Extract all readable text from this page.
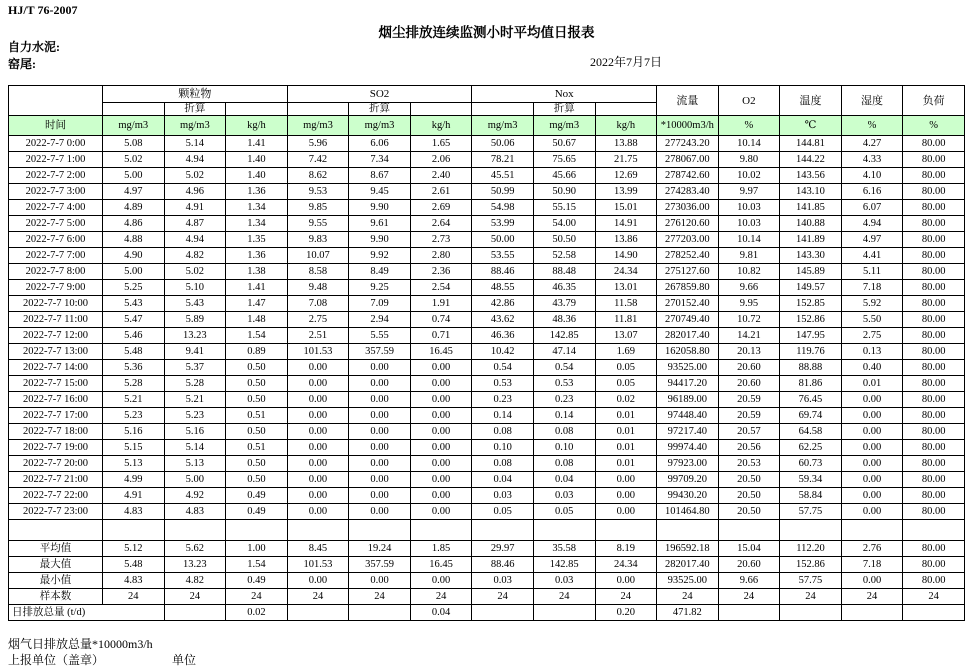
HJ/T 76-2007
烟尘排放连续监测小时平均值日报表
自力水泥:
窑尾:	2022年7月7日
	颗粒物			SO2			Nox			流量	O2	温度	湿度	负荷
		折算			折算			折算						
时间	mg/m3	mg/m3	kg/h	mg/m3	mg/m3	kg/h	mg/m3	mg/m3	kg/h	*10000m3/h	%	℃	%	%
2022-7-7 0:00	5.08	5.14	1.41	5.96	6.06	1.65	50.06	50.67	13.88	277243.20	10.14	144.81	4.27	80.00
2022-7-7 1:00	5.02	4.94	1.40	7.42	7.34	2.06	78.21	75.65	21.75	278067.00	9.80	144.22	4.33	80.00
2022-7-7 2:00	5.00	5.02	1.40	8.62	8.67	2.40	45.51	45.66	12.69	278742.60	10.02	143.56	4.10	80.00
2022-7-7 3:00	4.97	4.96	1.36	9.53	9.45	2.61	50.99	50.90	13.99	274283.40	9.97	143.10	6.16	80.00
2022-7-7 4:00	4.89	4.91	1.34	9.85	9.90	2.69	54.98	55.15	15.01	273036.00	10.03	141.85	6.07	80.00
2022-7-7 5:00	4.86	4.87	1.34	9.55	9.61	2.64	53.99	54.00	14.91	276120.60	10.03	140.88	4.94	80.00
2022-7-7 6:00	4.88	4.94	1.35	9.83	9.90	2.73	50.00	50.50	13.86	277203.00	10.14	141.89	4.97	80.00
2022-7-7 7:00	4.90	4.82	1.36	10.07	9.92	2.80	53.55	52.58	14.90	278252.40	9.81	143.30	4.41	80.00
2022-7-7 8:00	5.00	5.02	1.38	8.58	8.49	2.36	88.46	88.48	24.34	275127.60	10.82	145.89	5.11	80.00
2022-7-7 9:00	5.25	5.10	1.41	9.48	9.25	2.54	48.55	46.35	13.01	267859.80	9.66	149.57	7.18	80.00
2022-7-7 10:00	5.43	5.43	1.47	7.08	7.09	1.91	42.86	43.79	11.58	270152.40	9.95	152.85	5.92	80.00
2022-7-7 11:00	5.47	5.89	1.48	2.75	2.94	0.74	43.62	48.36	11.81	270749.40	10.72	152.86	5.50	80.00
2022-7-7 12:00	5.46	13.23	1.54	2.51	5.55	0.71	46.36	142.85	13.07	282017.40	14.21	147.95	2.75	80.00
2022-7-7 13:00	5.48	9.41	0.89	101.53	357.59	16.45	10.42	47.14	1.69	162058.80	20.13	119.76	0.13	80.00
2022-7-7 14:00	5.36	5.37	0.50	0.00	0.00	0.00	0.54	0.54	0.05	93525.00	20.60	88.88	0.40	80.00
2022-7-7 15:00	5.28	5.28	0.50	0.00	0.00	0.00	0.53	0.53	0.05	94417.20	20.60	81.86	0.01	80.00
2022-7-7 16:00	5.21	5.21	0.50	0.00	0.00	0.00	0.23	0.23	0.02	96189.00	20.59	76.45	0.00	80.00
2022-7-7 17:00	5.23	5.23	0.51	0.00	0.00	0.00	0.14	0.14	0.01	97448.40	20.59	69.74	0.00	80.00
2022-7-7 18:00	5.16	5.16	0.50	0.00	0.00	0.00	0.08	0.08	0.01	97217.40	20.57	64.58	0.00	80.00
2022-7-7 19:00	5.15	5.14	0.51	0.00	0.00	0.00	0.10	0.10	0.01	99974.40	20.56	62.25	0.00	80.00
2022-7-7 20:00	5.13	5.13	0.50	0.00	0.00	0.00	0.08	0.08	0.01	97923.00	20.53	60.73	0.00	80.00
2022-7-7 21:00	4.99	5.00	0.50	0.00	0.00	0.00	0.04	0.04	0.00	99709.20	20.50	59.34	0.00	80.00
2022-7-7 22:00	4.91	4.92	0.49	0.00	0.00	0.00	0.03	0.03	0.00	99430.20	20.50	58.84	0.00	80.00
2022-7-7 23:00	4.83	4.83	0.49	0.00	0.00	0.00	0.05	0.05	0.00	101464.80	20.50	57.75	0.00	80.00

平均值	5.12	5.62	1.00	8.45	19.24	1.85	29.97	35.58	8.19	196592.18	15.04	112.20	2.76	80.00
最大值	5.48	13.23	1.54	101.53	357.59	16.45	88.46	142.85	24.34	282017.40	20.60	152.86	7.18	80.00
最小值	4.83	4.82	0.49	0.00	0.00	0.00	0.03	0.03	0.00	93525.00	9.66	57.75	0.00	80.00
样本数	24	24	24	24	24	24	24	24	24	24	24	24	24	24
日排放总量 (t/d)			0.02			0.04			0.20	471.82				
烟气日排放总量*10000m3/h
上报单位（盖章）	单位
